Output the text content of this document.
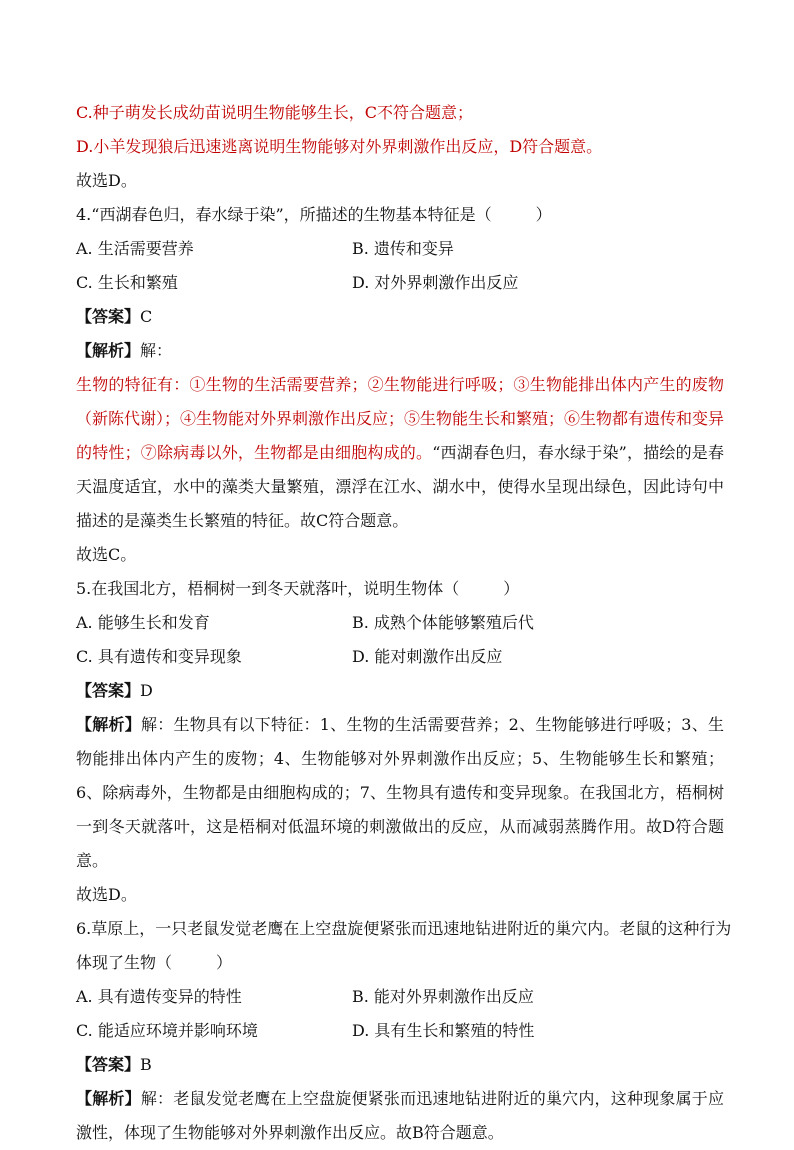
C.种子萌发长成幼苗说明生物能够生长，C不符合题意；
D.小羊发现狼后迅速逃离说明生物能够对外界刺激作出反应，D符合题意。
故选D。
4.“西湖春色归，春水绿于染”，所描述的生物基本特征是（	）
A. 生活需要营养	B. 遗传和变异
C. 生长和繁殖	D. 对外界刺激作出反应
【答案】C
【解析】解：
生物的特征有：①生物的生活需要营养；②生物能进行呼吸；③生物能排出体内产生的废物（新陈代谢）；④生物能对外界刺激作出反应；⑤生物能生长和繁殖；⑥生物都有遗传和变异的特性；⑦除病毒以外，生物都是由细胞构成的。“西湖春色归，春水绿于染”，描绘的是春天温度适宜，水中的藻类大量繁殖，漂浮在江水、湖水中，使得水呈现出绿色，因此诗句中描述的是藻类生长繁殖的特征。故C符合题意。
故选C。
5.在我国北方，梧桐树一到冬天就落叶，说明生物体（	）
A. 能够生长和发育	B. 成熟个体能够繁殖后代
C. 具有遗传和变异现象	D. 能对刺激作出反应
【答案】D
【解析】解：生物具有以下特征：1、生物的生活需要营养；2、生物能够进行呼吸；3、生物能排出体内产生的废物；4、生物能够对外界刺激作出反应；5、生物能够生长和繁殖；6、除病毒外，生物都是由细胞构成的；7、生物具有遗传和变异现象。在我国北方，梧桐树一到冬天就落叶，这是梧桐对低温环境的刺激做出的反应，从而减弱蒸腾作用。故D符合题意。
故选D。
6.草原上，一只老鼠发觉老鹰在上空盘旋便紧张而迅速地钻进附近的巢穴内。老鼠的这种行为
体现了生物（	）
A. 具有遗传变异的特性	B. 能对外界刺激作出反应
C. 能适应环境并影响环境	D. 具有生长和繁殖的特性
【答案】B
【解析】解：老鼠发觉老鹰在上空盘旋便紧张而迅速地钻进附近的巢穴内，这种现象属于应激性，体现了生物能够对外界刺激作出反应。故B符合题意。
